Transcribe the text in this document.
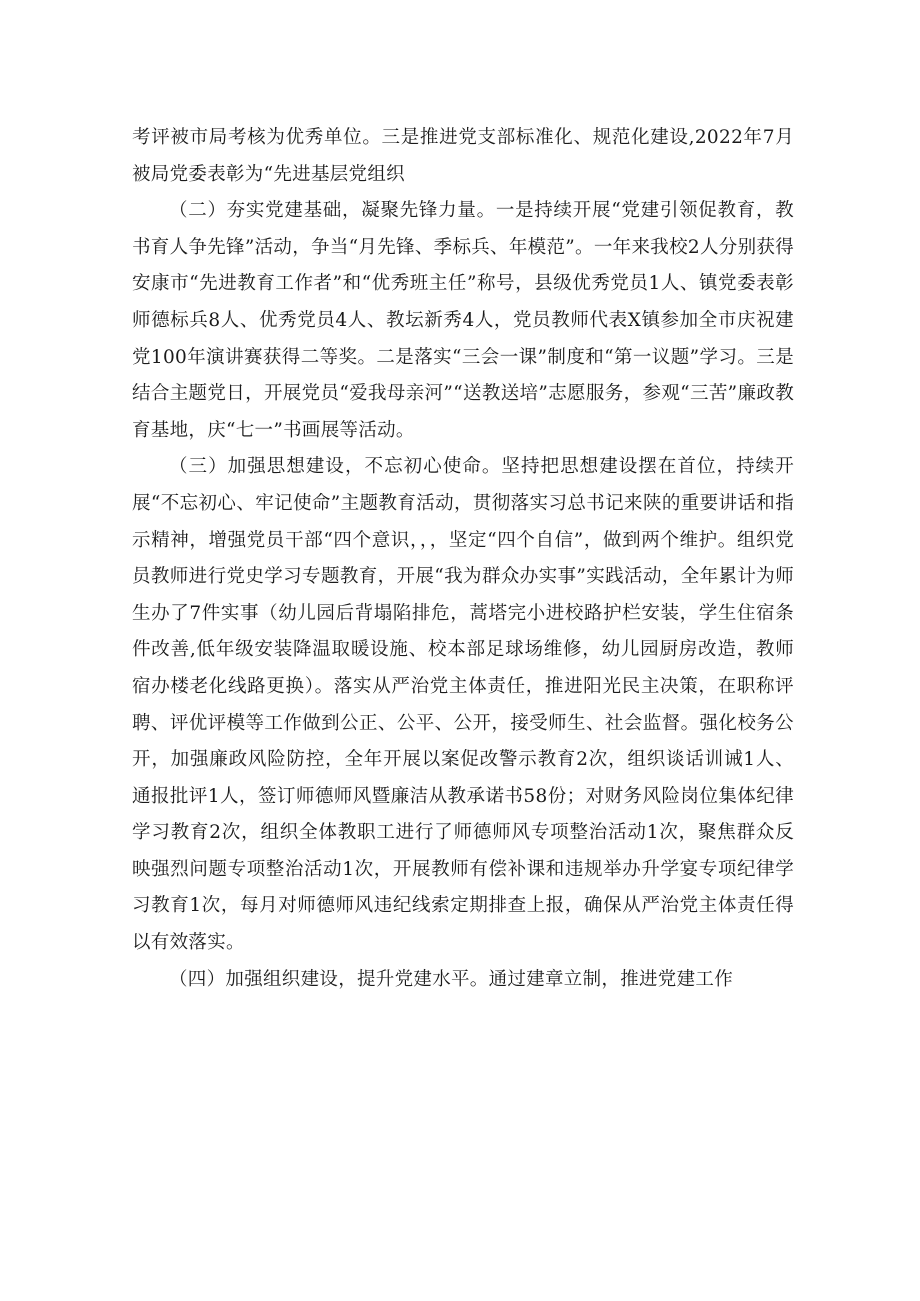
考评被市局考核为优秀单位。三是推进党支部标准化、规范化建设,2022年7月被局党委表彰为“先进基层党组织

（二）夯实党建基础，凝聚先锋力量。一是持续开展“党建引领促教育，教书育人争先锋”活动，争当“月先锋、季标兵、年模范”。一年来我校2人分别获得安康市“先进教育工作者”和“优秀班主任”称号，县级优秀党员1人、镇党委表彰师德标兵8人、优秀党员4人、教坛新秀4人，党员教师代表X镇参加全市庆祝建党100年演讲赛获得二等奖。二是落实“三会一课”制度和“第一议题”学习。三是结合主题党日，开展党员“爱我母亲河”“送教送培”志愿服务，参观“三苦”廉政教育基地，庆“七一”书画展等活动。

（三）加强思想建设，不忘初心使命。坚持把思想建设摆在首位，持续开展“不忘初心、牢记使命”主题教育活动，贯彻落实习总书记来陕的重要讲话和指示精神，增强党员干部“四个意识，，，坚定“四个自信”，做到两个维护。组织党员教师进行党史学习专题教育，开展“我为群众办实事”实践活动，全年累计为师生办了7件实事（幼儿园后背塌陷排危，蒿塔完小进校路护栏安装，学生住宿条件改善,低年级安装降温取暖设施、校本部足球场维修，幼儿园厨房改造，教师宿办楼老化线路更换）。落实从严治党主体责任，推进阳光民主决策，在职称评聘、评优评模等工作做到公正、公平、公开，接受师生、社会监督。强化校务公开，加强廉政风险防控，全年开展以案促改警示教育2次，组织谈话训诫1人、通报批评1人，签订师德师风暨廉洁从教承诺书58份；对财务风险岗位集体纪律学习教育2次，组织全体教职工进行了师德师风专项整治活动1次，聚焦群众反映强烈问题专项整治活动1次，开展教师有偿补课和违规举办升学宴专项纪律学习教育1次，每月对师德师风违纪线索定期排查上报，确保从严治党主体责任得以有效落实。

（四）加强组织建设，提升党建水平。通过建章立制，推进党建工作
